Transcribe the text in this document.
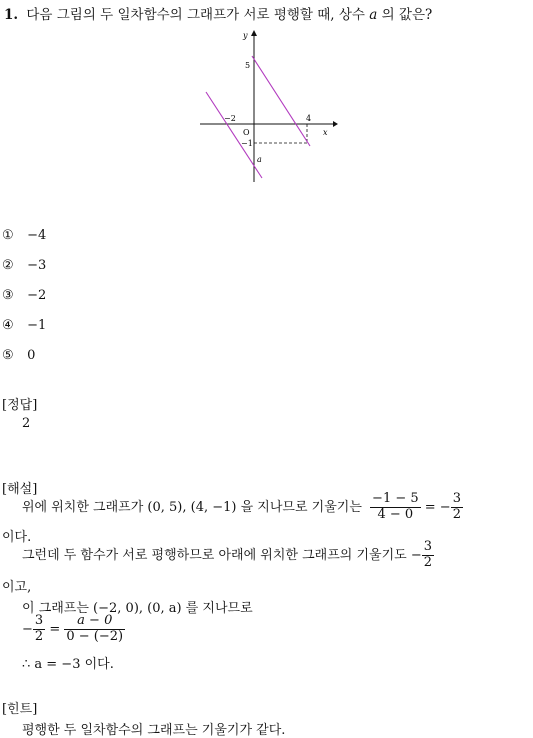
1. 다음 그림의 두 일차함수의 그래프가 서로 평행할 때, 상수 a 의 값은?
y
x
O
5
−2	4
−1
a
① −4
② −3
③ −2
④ −1
⑤ 0
[정답]
2
[해설]
위에 위치한 그래프가 (0, 5), (4, −1) 을 지나므로 기울기는 $\frac{-1 - 5}{4 - 0}$ = − $\frac{3}{2}$
이다.
그런데 두 함수가 서로 평행하므로 아래에 위치한 그래프의 기울기도 − $\frac{3}{2}$
이고,
이 그래프는 (−2, 0), (0, a) 를 지나므로
− $\frac{3}{2} = \frac{a - 0}{0 - (-2)}$
∴ a = −3 이다.
[힌트]
평행한 두 일차함수의 그래프는 기울기가 같다.
